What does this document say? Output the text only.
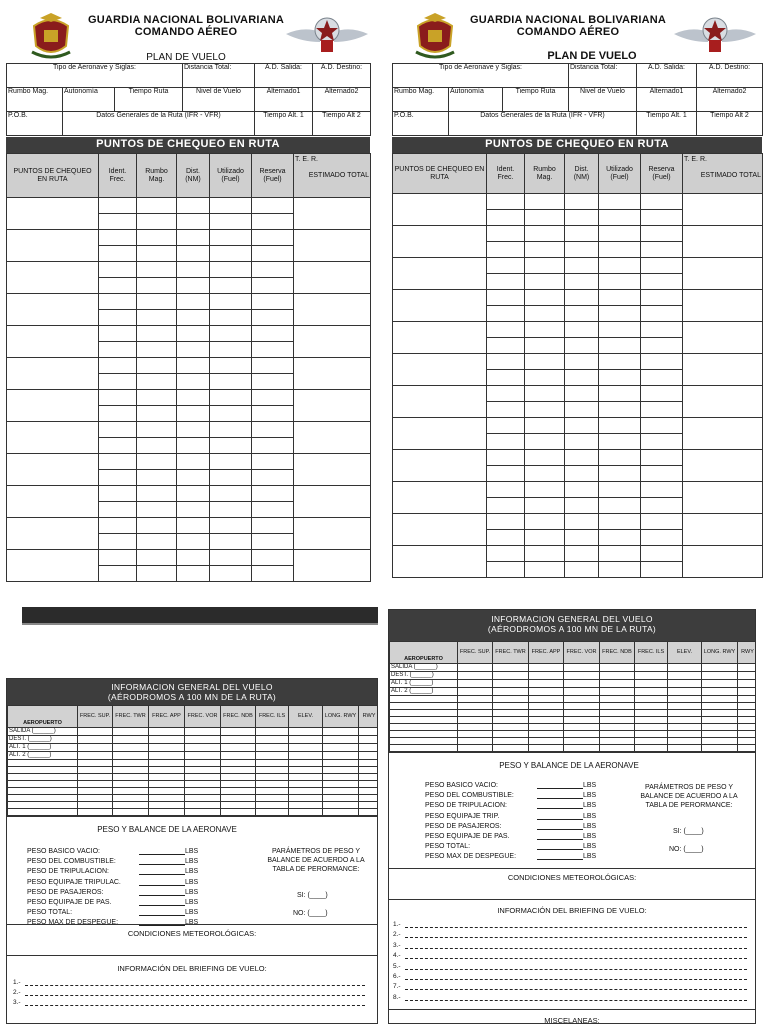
GUARDIA NACIONAL BOLIVARIANA
COMANDO AÉREO
PLAN DE VUELO
Tipo de Aeronave y Siglas:			Distancia Total:	A.D. Salida:	A.D. Destino:
Rumbo Mag.	Autonomía	Tiempo Ruta	Nivel de Vuelo	Alternado1	Alternado2
P.O.B.	Datos Generales de la Ruta (IFR - VFR)			Tiempo Alt. 1	Tiempo Alt 2
PUNTOS DE CHEQUEO EN RUTA
PUNTOS DE CHEQUEO EN RUTA	Ident. Frec.	Rumbo Mag.	Dist. (NM)	Utilizado (Fuel)	Reserva (Fuel)	T. E. R.

ESTIMADO TOTAL

GUARDIA NACIONAL BOLIVARIANA
COMANDO AÉREO
PLAN DE VUELO
Tipo de Aeronave y Siglas:			Distancia Total:	A.D. Salida:	A.D. Destino:
Rumbo Mag.	Autonomía	Tiempo Ruta	Nivel de Vuelo	Alternado1	Alternado2
P.O.B.	Datos Generales de la Ruta (IFR - VFR)			Tiempo Alt. 1	Tiempo Alt 2
PUNTOS DE CHEQUEO EN RUTA
PUNTOS DE CHEQUEO EN RUTA	Ident. Frec.	Rumbo Mag.	Dist. (NM)	Utilizado (Fuel)	Reserva (Fuel)	T. E. R.

ESTIMADO TOTAL

INFORMACION GENERAL DEL VUELO
(AÉRODROMOS A 100 MN DE LA RUTA)
AEROPUERTO	FREC. SUP.	FREC. TWR	FREC. APP	FREC. VOR	FREC. NDB	FREC. ILS	ELEV.	LONG. RWY	RWY
SALIDA (______)									
DEST. (______)									
ALT. 1 (______)									
ALT. 2 (______)									

PESO Y BALANCE DE LA AERONAVE
PESO BASICO VACIO:	LBS
PESO DEL COMBUSTIBLE:	LBS
PESO DE TRIPULACION:	LBS
PESO EQUIPAJE TRIPULAC.	LBS
PESO DE PASAJEROS:	LBS
PESO EQUIPAJE DE PAS.	LBS
PESO TOTAL:	LBS
PESO MAX DE DESPEGUE:	LBS
PARÁMETROS DE PESO Y BALANCE DE ACUERDO A LA TABLA DE PERORMANCE:
SI: (____)
NO: (____)
CONDICIONES METEOROLÓGICAS:
INFORMACIÓN DEL BRIEFING DE VUELO:
1.-
2.-
3.-
INFORMACION GENERAL DEL VUELO
(AÉRODROMOS A 100 MN DE LA RUTA)
AEROPUERTO	FREC. SUP.	FREC. TWR	FREC. APP	FREC. VOR	FREC. NDB	FREC. ILS	ELEV.	LONG. RWY	RWY
SALIDA (______)									
DEST. (______)									
ALT. 1 (______)									
ALT. 2 (______)									

PESO Y BALANCE DE LA AERONAVE
PESO BASICO VACIO:	LBS
PESO DEL COMBUSTIBLE:	LBS
PESO DE TRIPULACION:	LBS
PESO EQUIPAJE TRIP.	LBS
PESO DE PASAJEROS:	LBS
PESO EQUIPAJE DE PAS.	LBS
PESO TOTAL:	LBS
PESO MAX DE DESPEGUE:	LBS
PARÁMETROS DE PESO Y BALANCE DE ACUERDO A LA TABLA DE PERORMANCE:
SI: (____)
NO: (____)
CONDICIONES METEOROLÓGICAS:
INFORMACIÓN DEL BRIEFING DE VUELO:
1.-
2.-
3.-
4.-
5.-
6.-
7.-
8.-
MISCELANEAS:
